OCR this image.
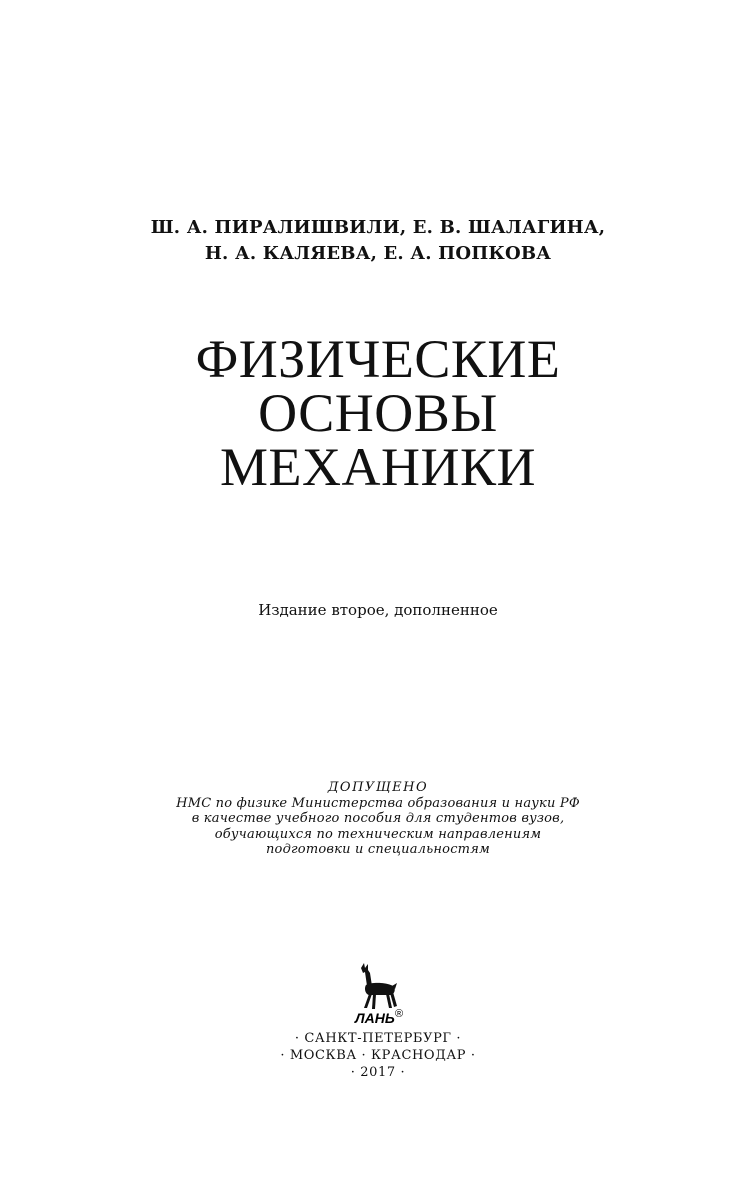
Ш. А. ПИРАЛИШВИЛИ, Е. В. ШАЛАГИНА,
Н. А. КАЛЯЕВА, Е. А. ПОПКОВА
ФИЗИЧЕСКИЕ
ОСНОВЫ
МЕХАНИКИ
Издание второе, дополненное
ДОПУЩЕНО
НМС по физике Министерства образования и науки РФ
в качестве учебного пособия для студентов вузов,
обучающихся по техническим направлениям
подготовки и специальностям
ЛАНЬ ®
· САНКТ-ПЕТЕРБУРГ ·
· МОСКВА · КРАСНОДАР ·
· 2017 ·
